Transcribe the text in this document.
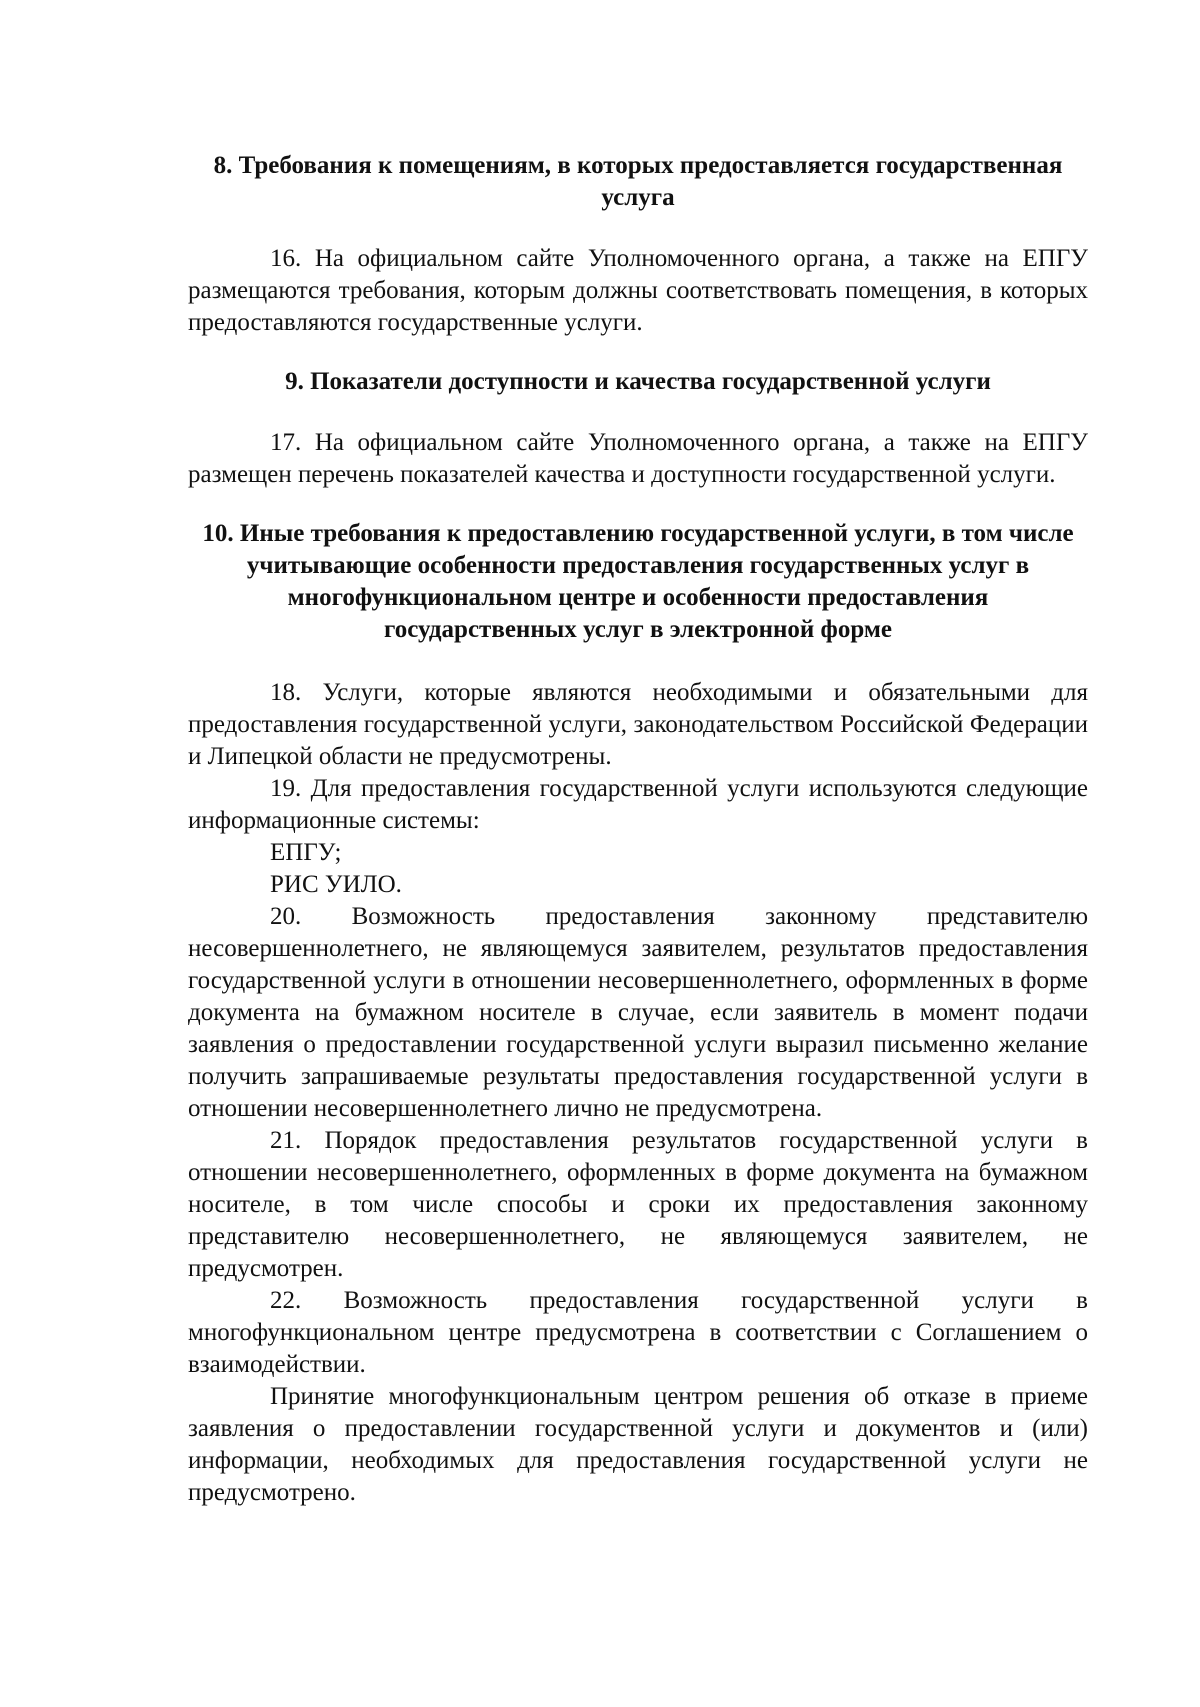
8. Требования к помещениям, в которых предоставляется государственная услуга

16. На официальном сайте Уполномоченного органа, а также на ЕПГУ размещаются требования, которым должны соответствовать помещения, в которых предоставляются государственные услуги.

9. Показатели доступности и качества государственной услуги

17. На официальном сайте Уполномоченного органа, а также на ЕПГУ размещен перечень показателей качества и доступности государственной услуги.

10. Иные требования к предоставлению государственной услуги, в том числе учитывающие особенности предоставления государственных услуг в многофункциональном центре и особенности предоставления государственных услуг в электронной форме

18. Услуги, которые являются необходимыми и обязательными для предоставления государственной услуги, законодательством Российской Федерации и Липецкой области не предусмотрены.

19. Для предоставления государственной услуги используются следующие информационные системы:

ЕПГУ;

РИС УИЛО.

20. Возможность предоставления законному представителю несовершеннолетнего, не являющемуся заявителем, результатов предоставления государственной услуги в отношении несовершеннолетнего, оформленных в форме документа на бумажном носителе в случае, если заявитель в момент подачи заявления о предоставлении государственной услуги выразил письменно желание получить запрашиваемые результаты предоставления государственной услуги в отношении несовершеннолетнего лично не предусмотрена.

21. Порядок предоставления результатов государственной услуги в отношении несовершеннолетнего, оформленных в форме документа на бумажном носителе, в том числе способы и сроки их предоставления законному представителю несовершеннолетнего, не являющемуся заявителем, не предусмотрен.

22. Возможность предоставления государственной услуги в многофункциональном центре предусмотрена в соответствии с Соглашением о взаимодействии.

Принятие многофункциональным центром решения об отказе в приеме заявления о предоставлении государственной услуги и документов и (или) информации, необходимых для предоставления государственной услуги не предусмотрено.
